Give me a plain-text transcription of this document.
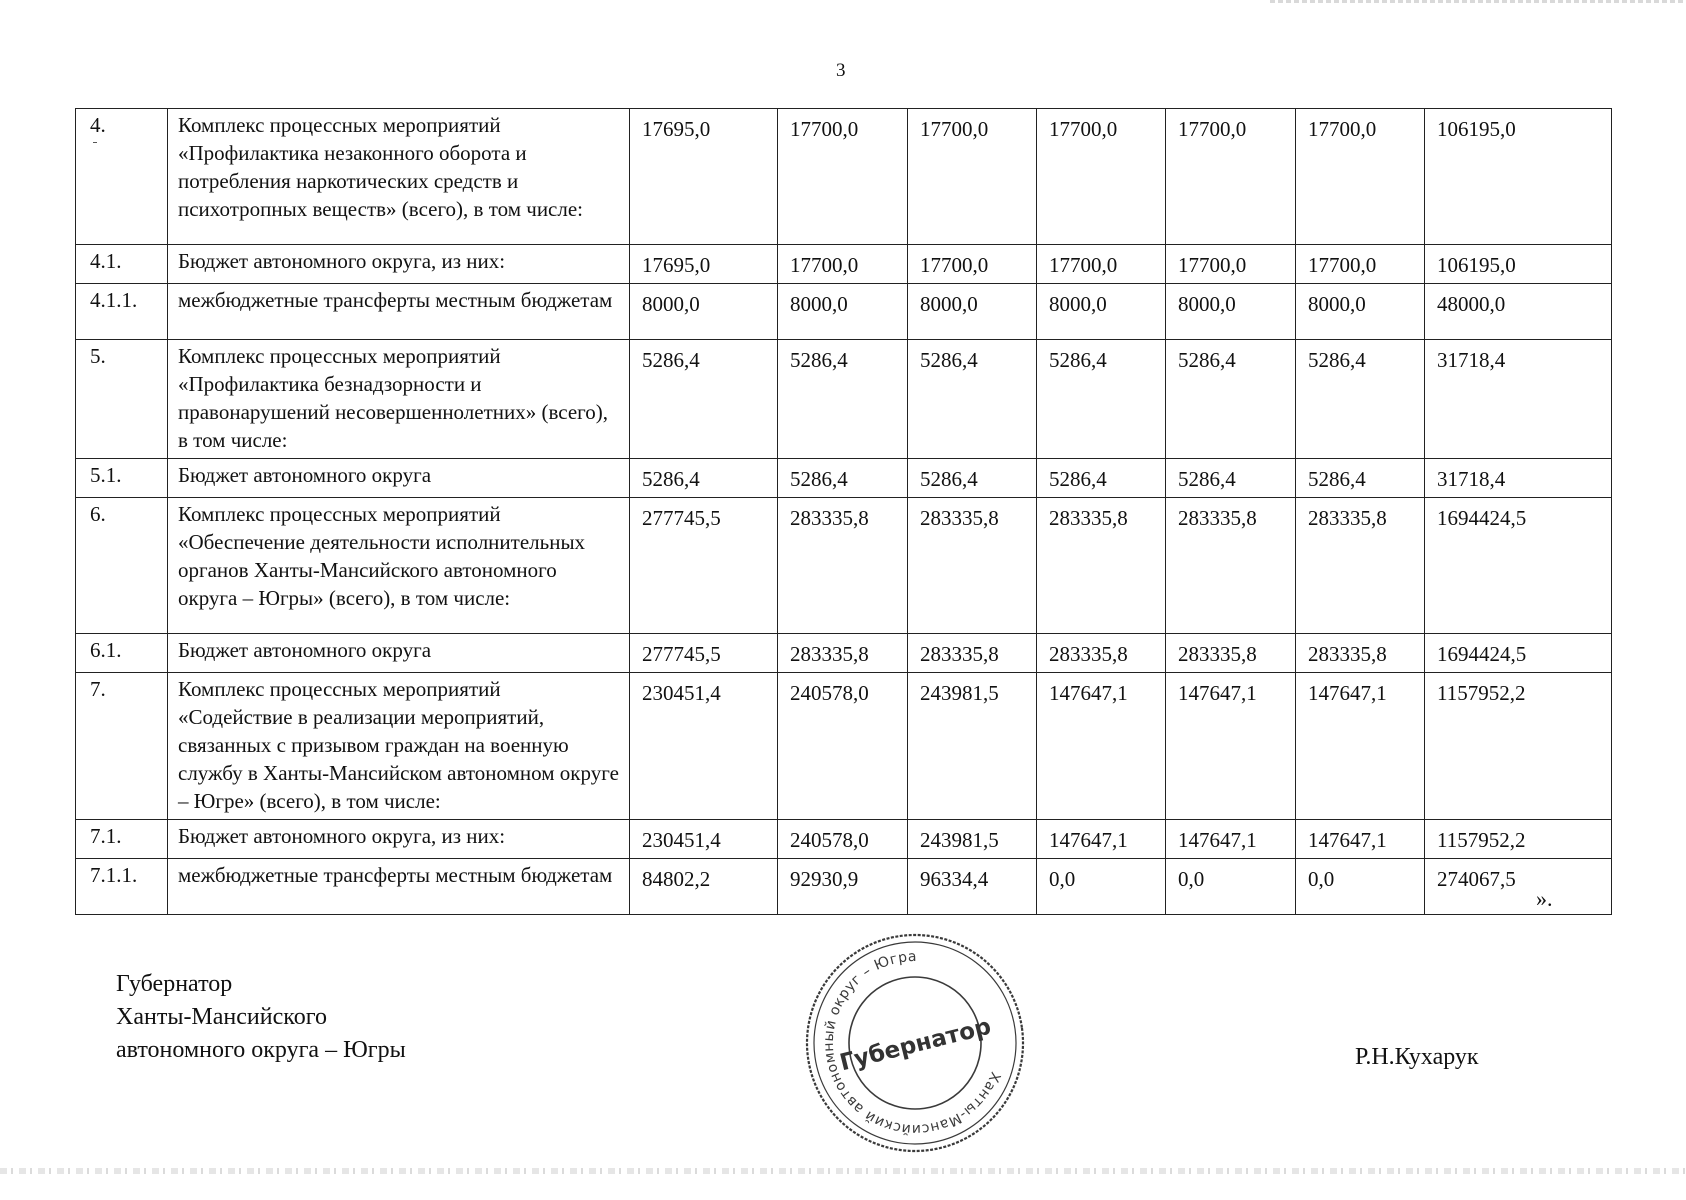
3
4.	Комплекс процессных мероприятий «Профилактика незаконного оборота и потребления наркотических средств и психотропных веществ» (всего), в том числе:	17695,0	17700,0	17700,0	17700,0	17700,0	17700,0	106195,0
4.1.	Бюджет автономного округа, из них:	17695,0	17700,0	17700,0	17700,0	17700,0	17700,0	106195,0
4.1.1.	межбюджетные трансферты местным бюджетам	8000,0	8000,0	8000,0	8000,0	8000,0	8000,0	48000,0
5.	Комплекс процессных мероприятий «Профилактика безнадзорности и правонарушений несовершеннолетних» (всего), в том числе:	5286,4	5286,4	5286,4	5286,4	5286,4	5286,4	31718,4
5.1.	Бюджет автономного округа	5286,4	5286,4	5286,4	5286,4	5286,4	5286,4	31718,4
6.	Комплекс процессных мероприятий «Обеспечение деятельности исполнительных органов Ханты-Мансийского автономного округа – Югры» (всего), в том числе:	277745,5	283335,8	283335,8	283335,8	283335,8	283335,8	1694424,5
6.1.	Бюджет автономного округа	277745,5	283335,8	283335,8	283335,8	283335,8	283335,8	1694424,5
7.	Комплекс процессных мероприятий «Содействие в реализации мероприятий, связанных с призывом граждан на военную службу в Ханты-Мансийском автономном округе – Югре» (всего), в том числе:	230451,4	240578,0	243981,5	147647,1	147647,1	147647,1	1157952,2
7.1.	Бюджет автономного округа, из них:	230451,4	240578,0	243981,5	147647,1	147647,1	147647,1	1157952,2
7.1.1.	межбюджетные трансферты местным бюджетам	84802,2	92930,9	96334,4	0,0	0,0	0,0	274067,5
».
Губернатор
Ханты-Мансийского
автономного округа – Югры
Ханты-Мансийский автономный округ – Югра
Губернатор	Р.Н.Кухарук
